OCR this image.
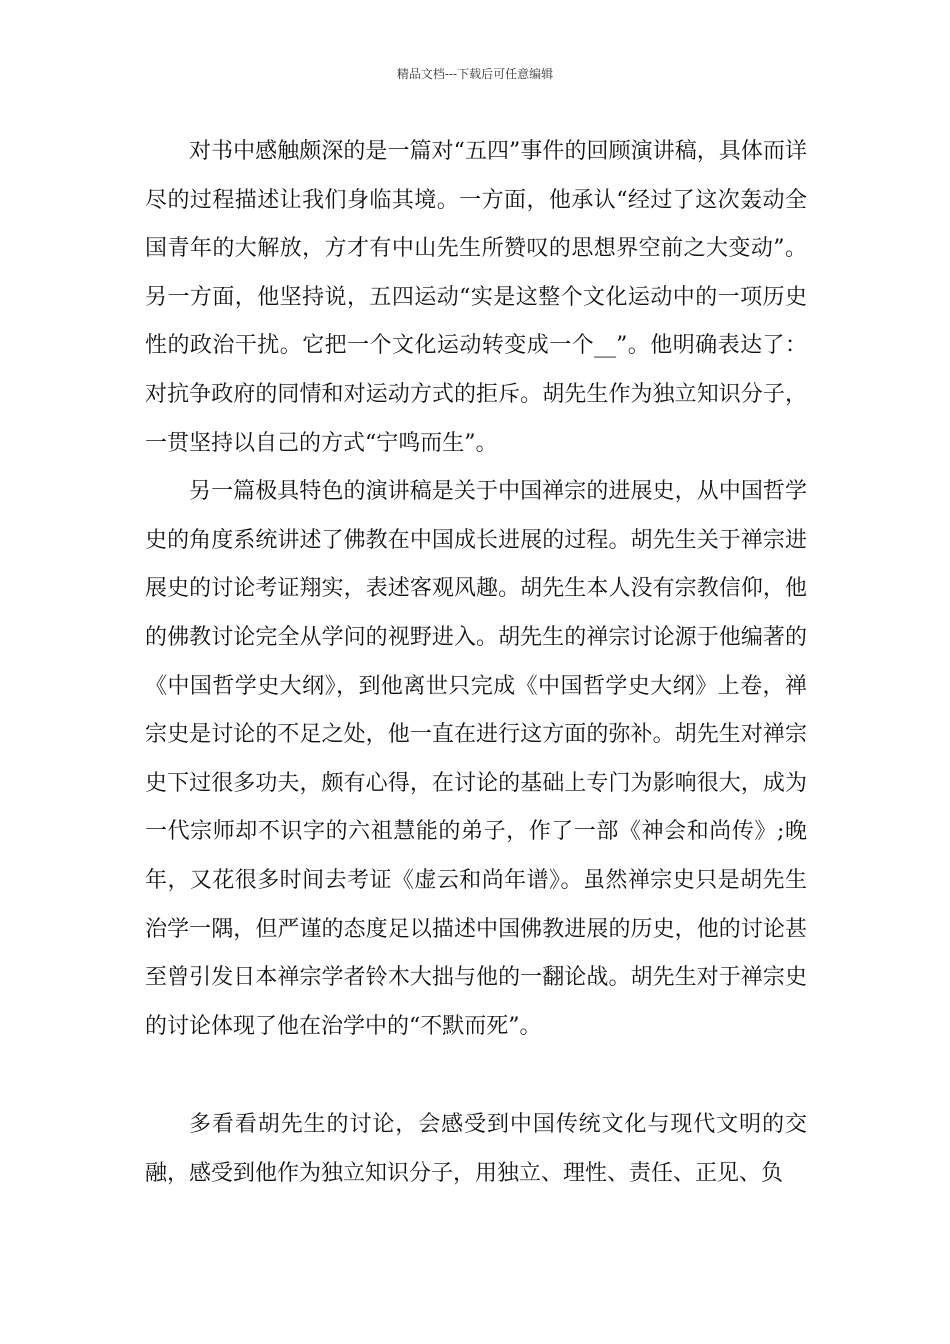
精品文档---下载后可任意编辑

对书中感触颇深的是一篇对“五四”事件的回顾演讲稿，具体而详尽的过程描述让我们身临其境。一方面，他承认“经过了这次轰动全国青年的大解放，方才有中山先生所赞叹的思想界空前之大变动”。另一方面，他坚持说，五四运动“实是这整个文化运动中的一项历史性的政治干扰。它把一个文化运动转变成一个__”。他明确表达了：对抗争政府的同情和对运动方式的拒斥。胡先生作为独立知识分子，一贯坚持以自己的方式“宁鸣而生”。

另一篇极具特色的演讲稿是关于中国禅宗的进展史，从中国哲学史的角度系统讲述了佛教在中国成长进展的过程。胡先生关于禅宗进展史的讨论考证翔实，表述客观风趣。胡先生本人没有宗教信仰，他的佛教讨论完全从学问的视野进入。胡先生的禅宗讨论源于他编著的《中国哲学史大纲》，到他离世只完成《中国哲学史大纲》上卷，禅宗史是讨论的不足之处，他一直在进行这方面的弥补。胡先生对禅宗史下过很多功夫，颇有心得，在讨论的基础上专门为影响很大，成为一代宗师却不识字的六祖慧能的弟子，作了一部《神会和尚传》;晚年，又花很多时间去考证《虚云和尚年谱》。虽然禅宗史只是胡先生治学一隅，但严谨的态度足以描述中国佛教进展的历史，他的讨论甚至曾引发日本禅宗学者铃木大拙与他的一翻论战。胡先生对于禅宗史的讨论体现了他在治学中的“不默而死”。

多看看胡先生的讨论，会感受到中国传统文化与现代文明的交融，感受到他作为独立知识分子，用独立、理性、责任、正见、负
